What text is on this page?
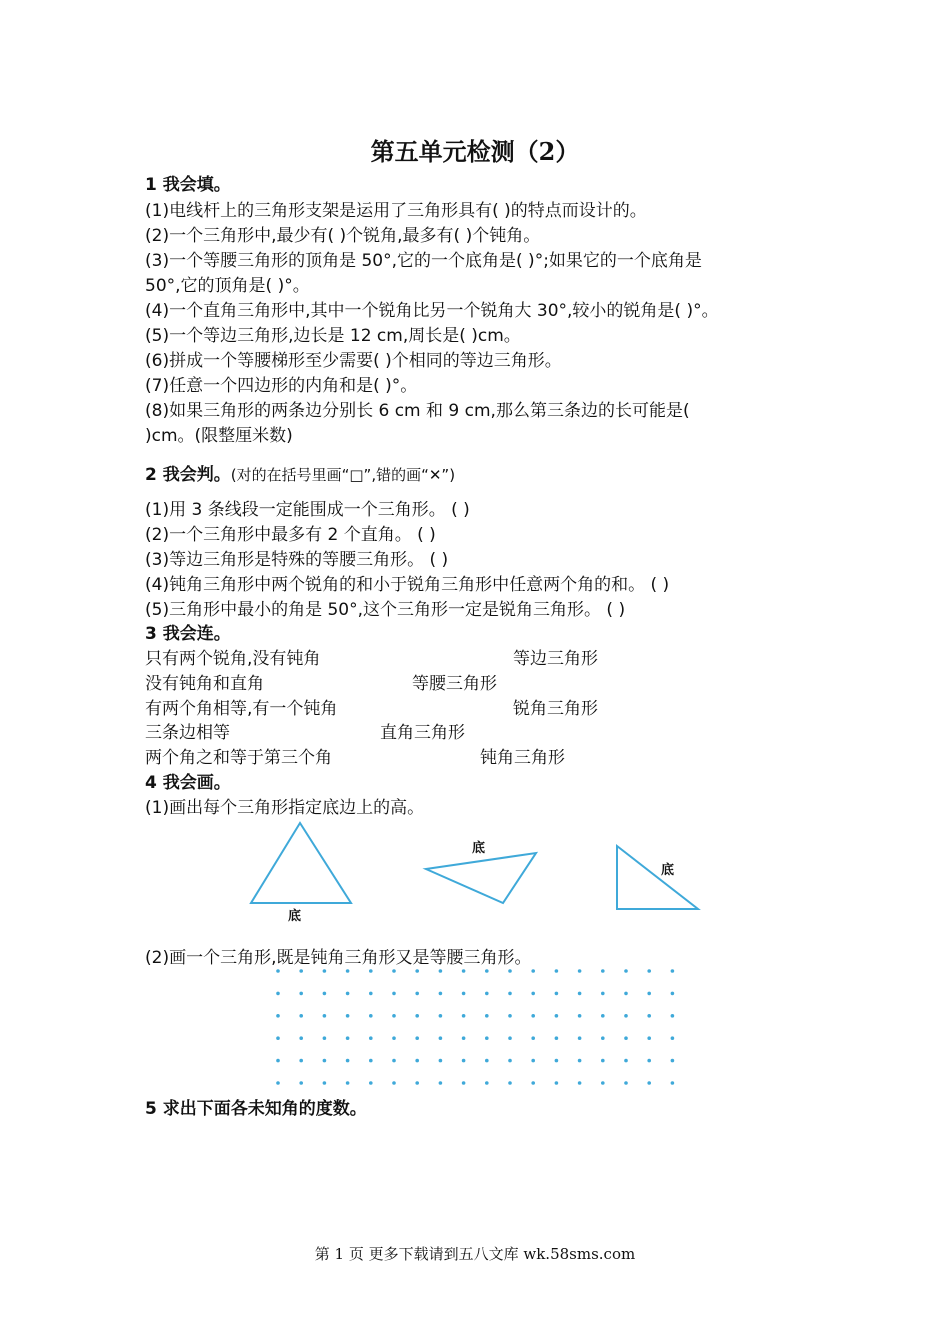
第五单元检测（2）
1 我会填。
(1)电线杆上的三角形支架是运用了三角形具有( )的特点而设计的。
(2)一个三角形中,最少有( )个锐角,最多有( )个钝角。
(3)一个等腰三角形的顶角是 50°,它的一个底角是( )°;如果它的一个底角是
50°,它的顶角是( )°。
(4)一个直角三角形中,其中一个锐角比另一个锐角大 30°,较小的锐角是( )°。
(5)一个等边三角形,边长是 12 cm,周长是( )cm。
(6)拼成一个等腰梯形至少需要( )个相同的等边三角形。
(7)任意一个四边形的内角和是( )°。
(8)如果三角形的两条边分别长 6 cm 和 9 cm,那么第三条边的长可能是(
)cm。(限整厘米数)
2 我会判。(对的在括号里画“□”,错的画“✕”)
(1)用 3 条线段一定能围成一个三角形。 ( )
(2)一个三角形中最多有 2 个直角。 ( )
(3)等边三角形是特殊的等腰三角形。 ( )
(4)钝角三角形中两个锐角的和小于锐角三角形中任意两个角的和。 ( )
(5)三角形中最小的角是 50°,这个三角形一定是锐角三角形。 ( )
3 我会连。
只有两个锐角,没有钝角	等边三角形
没有钝角和直角	等腰三角形
有两个角相等,有一个钝角	锐角三角形
三条边相等	直角三角形
两个角之和等于第三个角	钝角三角形
4 我会画。
(1)画出每个三角形指定底边上的高。
底
底
底
(2)画一个三角形,既是钝角三角形又是等腰三角形。
5 求出下面各未知角的度数。
第 1 页 更多下载请到五八文库 wk.58sms.com
